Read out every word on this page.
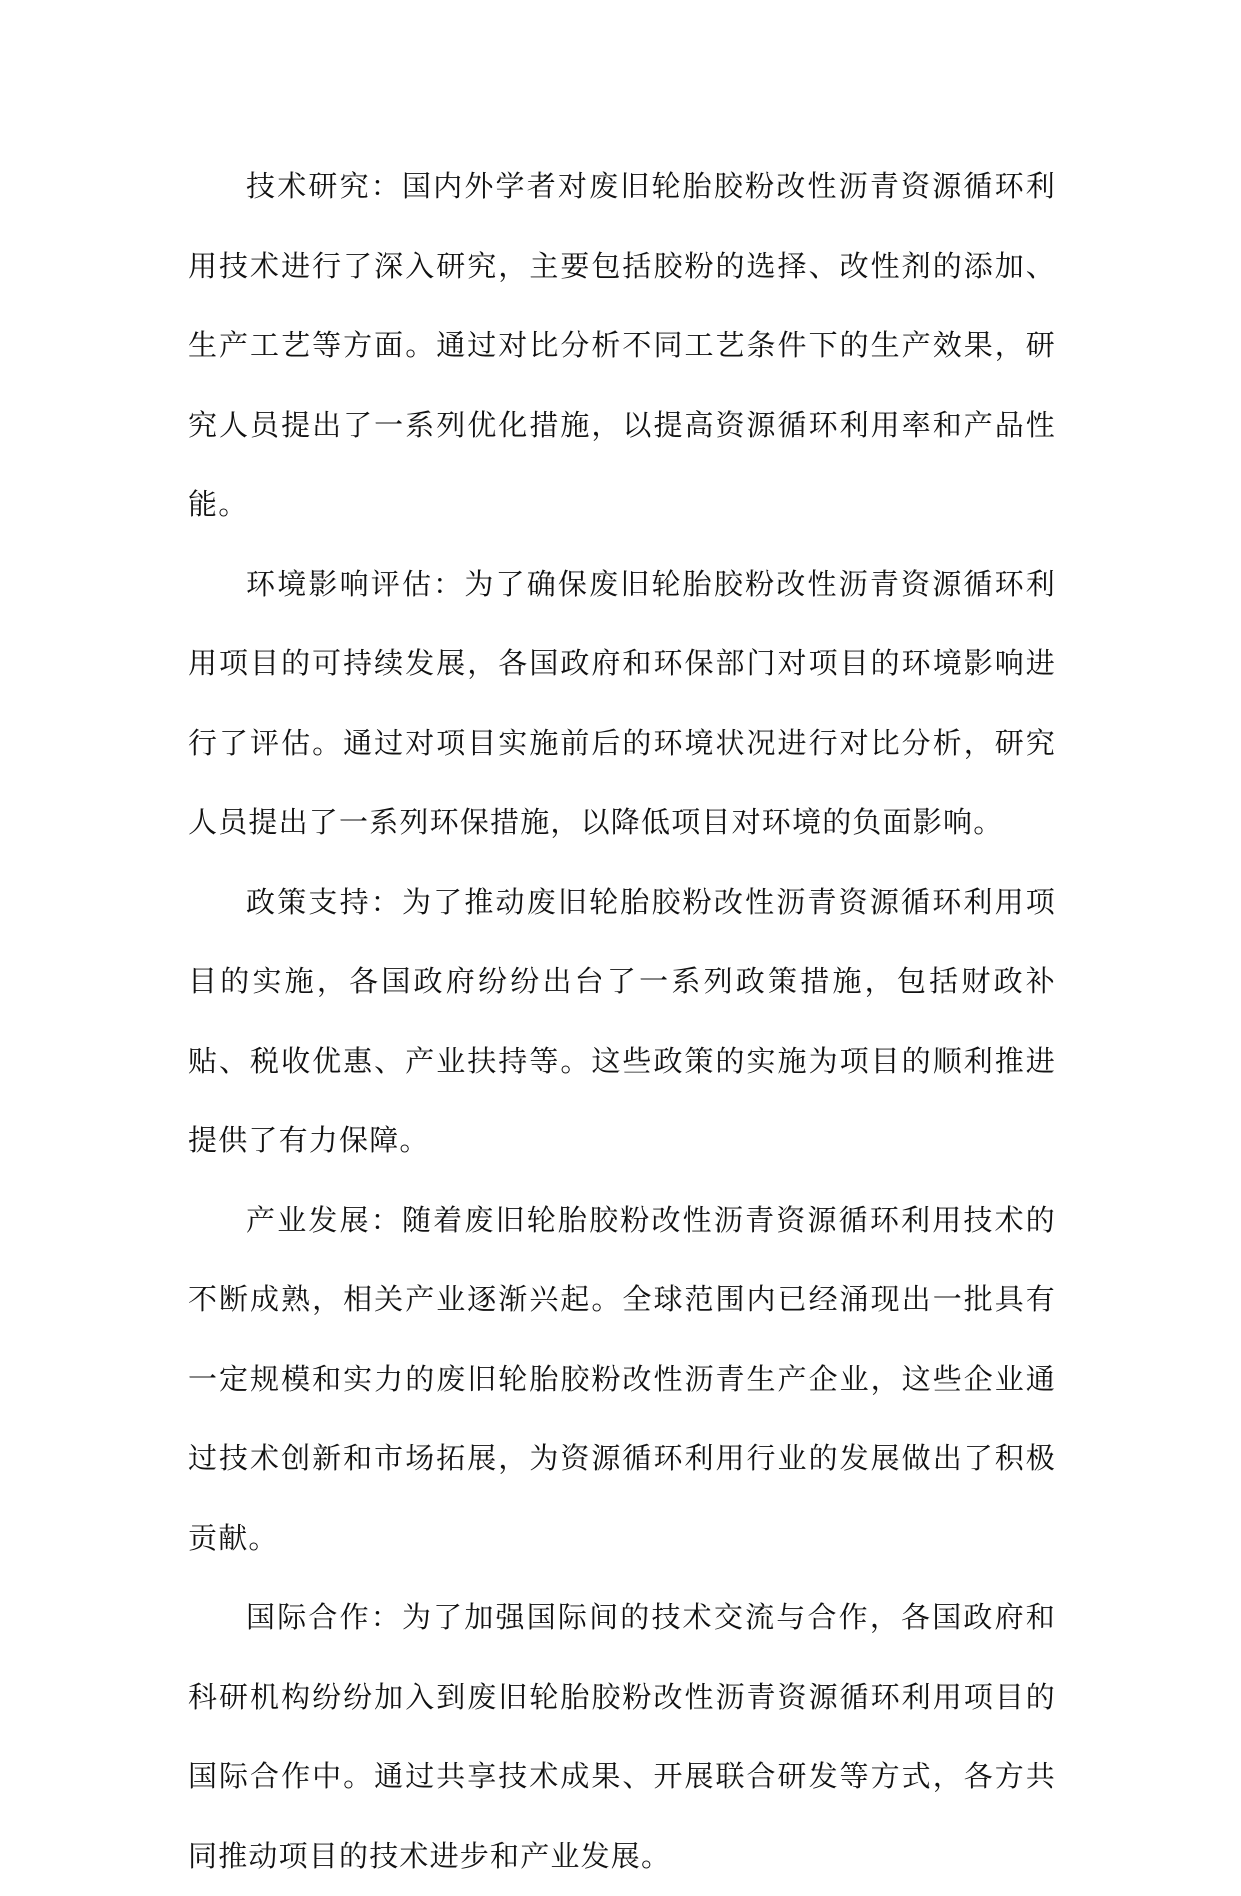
技术研究：国内外学者对废旧轮胎胶粉改性沥青资源循环利用技术进行了深入研究，主要包括胶粉的选择、改性剂的添加、生产工艺等方面。通过对比分析不同工艺条件下的生产效果，研究人员提出了一系列优化措施，以提高资源循环利用率和产品性能。

环境影响评估：为了确保废旧轮胎胶粉改性沥青资源循环利用项目的可持续发展，各国政府和环保部门对项目的环境影响进行了评估。通过对项目实施前后的环境状况进行对比分析，研究人员提出了一系列环保措施，以降低项目对环境的负面影响。

政策支持：为了推动废旧轮胎胶粉改性沥青资源循环利用项目的实施，各国政府纷纷出台了一系列政策措施，包括财政补贴、税收优惠、产业扶持等。这些政策的实施为项目的顺利推进提供了有力保障。

产业发展：随着废旧轮胎胶粉改性沥青资源循环利用技术的不断成熟，相关产业逐渐兴起。全球范围内已经涌现出一批具有一定规模和实力的废旧轮胎胶粉改性沥青生产企业，这些企业通过技术创新和市场拓展，为资源循环利用行业的发展做出了积极贡献。

国际合作：为了加强国际间的技术交流与合作，各国政府和科研机构纷纷加入到废旧轮胎胶粉改性沥青资源循环利用项目的国际合作中。通过共享技术成果、开展联合研发等方式，各方共同推动项目的技术进步和产业发展。
